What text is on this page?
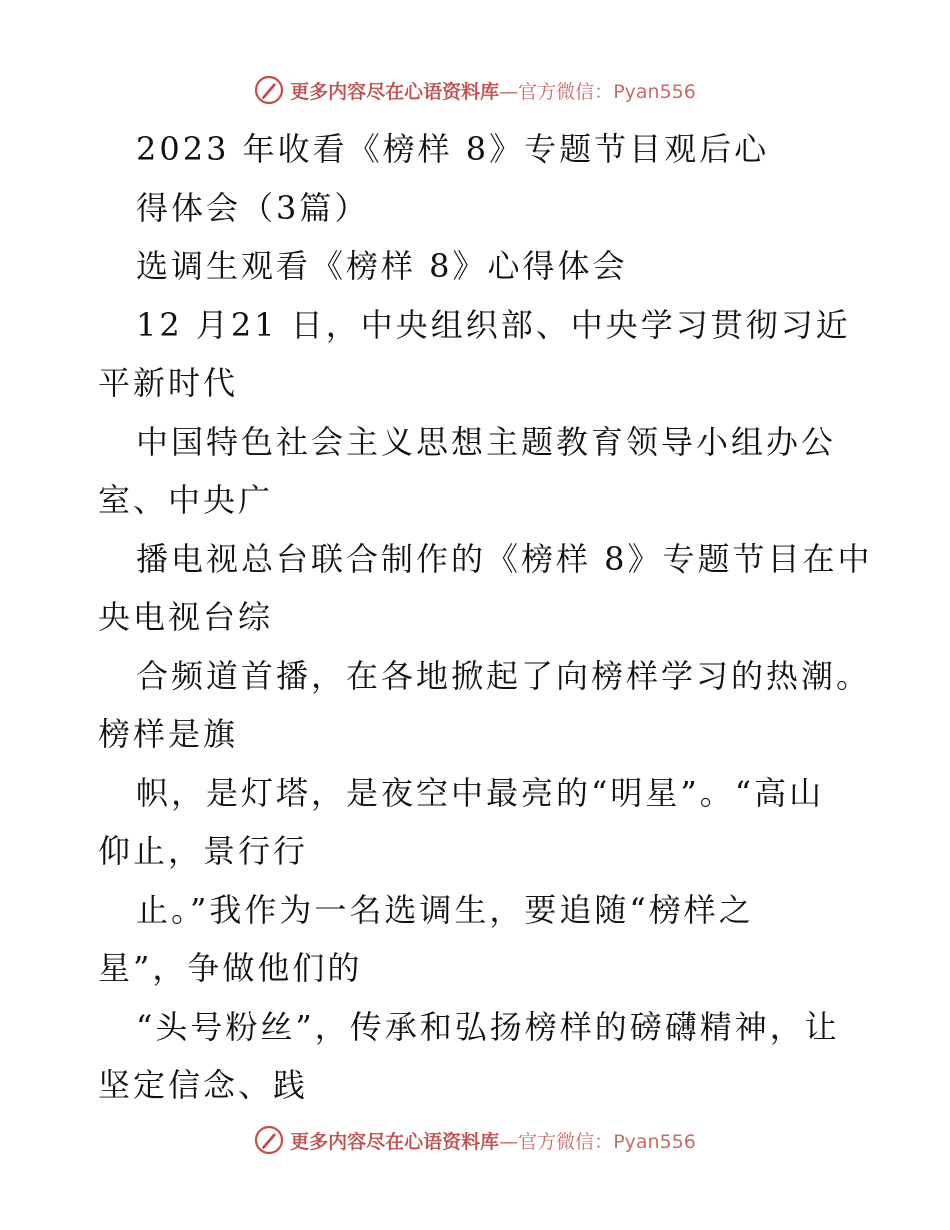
更多内容尽在心语资料库—官方微信：Pyan556
2023 年收看《榜样 8》专题节目观后心
得体会（3篇）
选调生观看《榜样 8》心得体会
12 月21 日，中央组织部、中央学习贯彻习近
平新时代
中国特色社会主义思想主题教育领导小组办公
室、中央广
播电视总台联合制作的《榜样 8》专题节目在中
央电视台综
合频道首播，在各地掀起了向榜样学习的热潮。
榜样是旗
帜，是灯塔，是夜空中最亮的“明星”。“高山
仰止，景行行
止。”我作为一名选调生，要追随“榜样之
星”，争做他们的
“头号粉丝”，传承和弘扬榜样的磅礴精神，让
坚定信念、践
更多内容尽在心语资料库—官方微信：Pyan556
